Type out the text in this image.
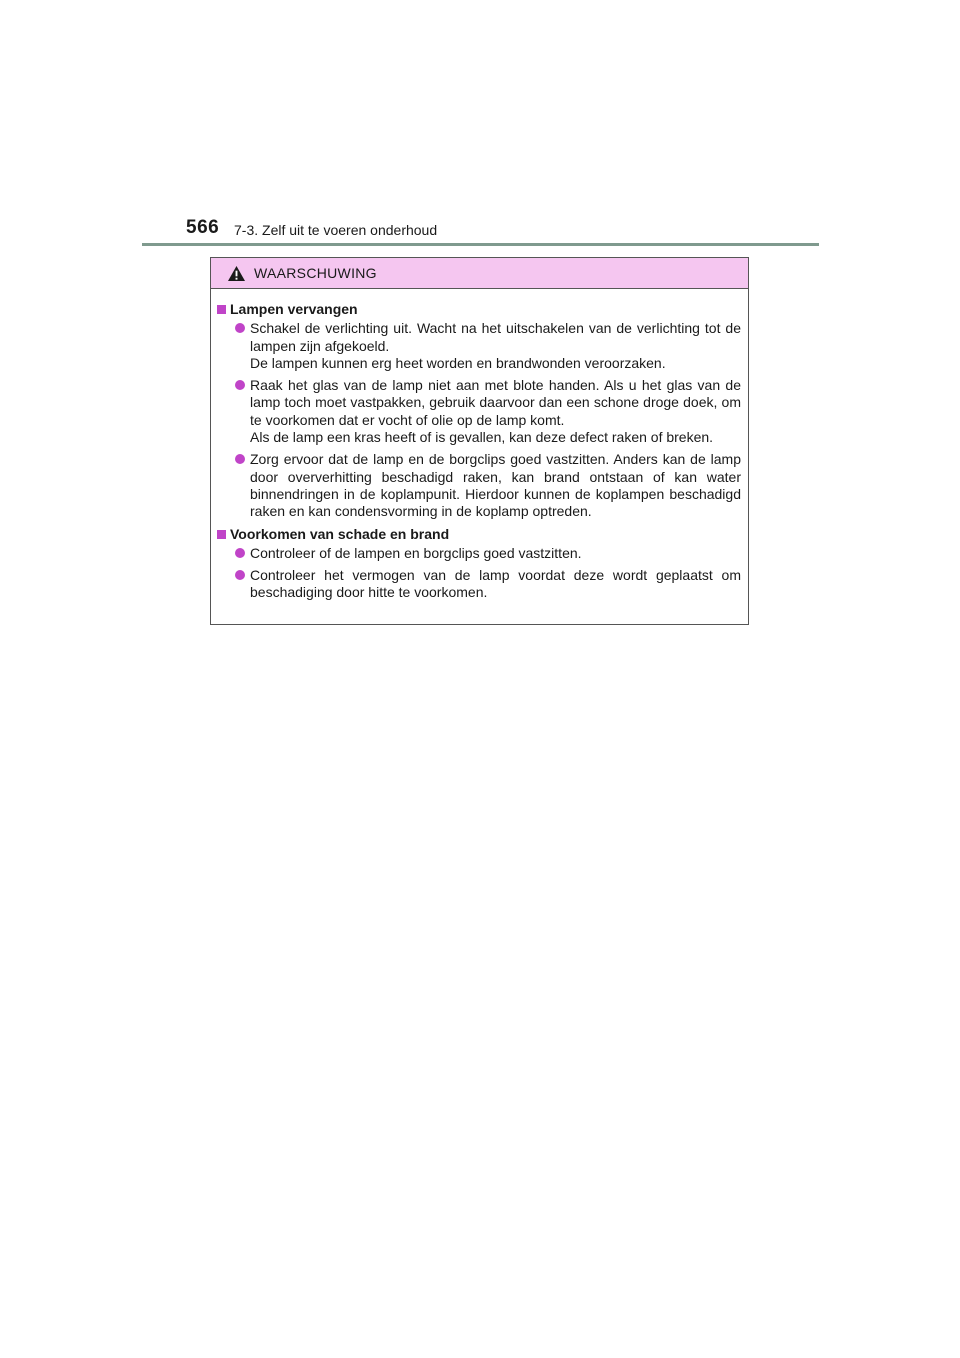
566 7-3. Zelf uit te voeren onderhoud
WAARSCHUWING
Lampen vervangen
Schakel de verlichting uit. Wacht na het uitschakelen van de verlichting tot de lampen zijn afgekoeld.
De lampen kunnen erg heet worden en brandwonden veroorzaken.
Raak het glas van de lamp niet aan met blote handen. Als u het glas van de lamp toch moet vastpakken, gebruik daarvoor dan een schone droge doek, om te voorkomen dat er vocht of olie op de lamp komt.
Als de lamp een kras heeft of is gevallen, kan deze defect raken of breken.
Zorg ervoor dat de lamp en de borgclips goed vastzitten. Anders kan de lamp door oververhitting beschadigd raken, kan brand ontstaan of kan water binnendringen in de koplampunit. Hierdoor kunnen de koplampen beschadigd raken en kan condensvorming in de koplamp optreden.
Voorkomen van schade en brand
Controleer of de lampen en borgclips goed vastzitten.
Controleer het vermogen van de lamp voordat deze wordt geplaatst om beschadiging door hitte te voorkomen.
